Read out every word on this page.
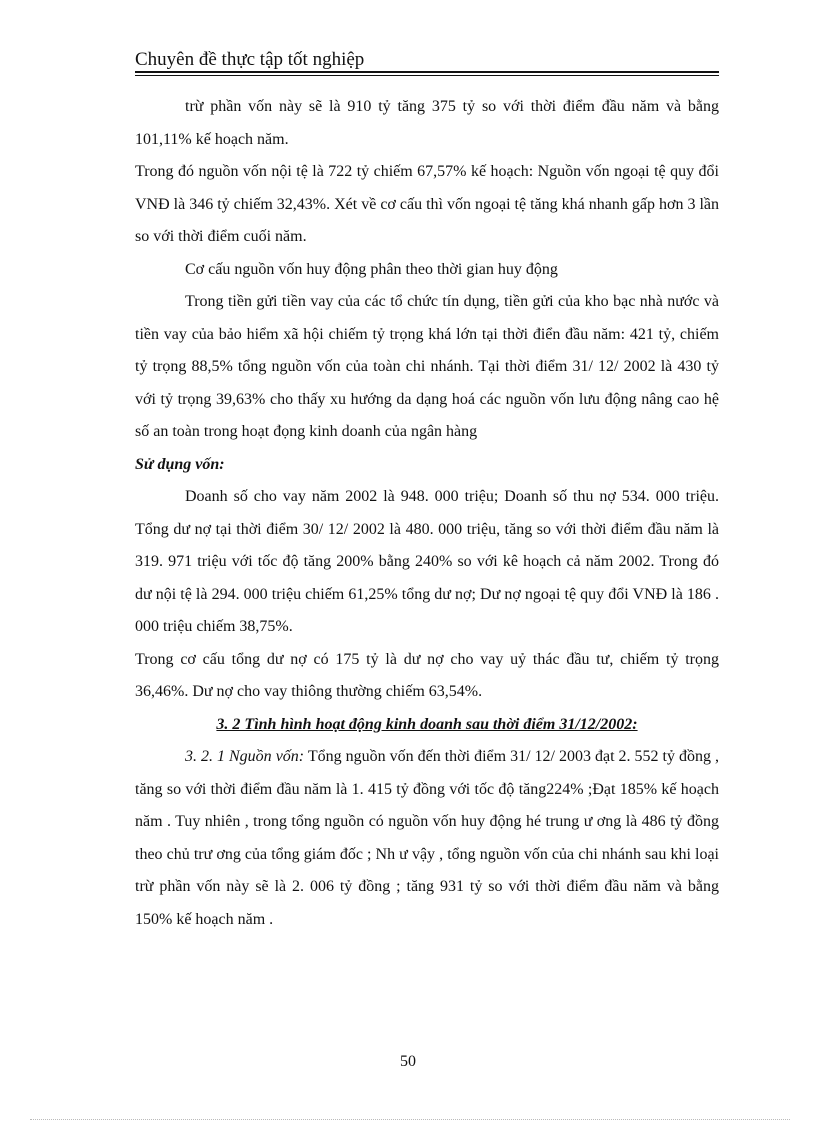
Chuyên đề thực tập tốt nghiệp

trừ phần vốn này sẽ là 910 tỷ tăng 375 tỷ so với thời điểm đầu năm và bằng 101,11% kế hoạch năm.

Trong đó nguồn vốn nội tệ là 722 tỷ chiếm 67,57% kế hoạch: Nguồn vốn ngoại tệ quy đổi VNĐ là 346 tỷ chiếm 32,43%. Xét về cơ cấu thì vốn ngoại tệ tăng khá nhanh gấp hơn 3 lần so với thời điểm cuối năm.

Cơ cấu nguồn vốn huy động phân theo thời gian huy động

Trong tiền gửi tiền vay của các tổ chức tín dụng, tiền gửi của kho bạc nhà nước và tiền vay của bảo hiểm xã hội chiếm tỷ trọng khá lớn tại thời điển đầu năm: 421 tỷ, chiếm tỷ trọng 88,5% tổng nguồn vốn của toàn chi nhánh. Tại thời điểm 31/ 12/ 2002 là 430 tỷ với tỷ trọng 39,63% cho thấy xu hướng da dạng hoá các nguồn vốn lưu động nâng cao hệ số an toàn trong hoạt đọng kinh doanh của ngân hàng

Sử dụng vốn:

Doanh số cho vay năm 2002 là 948. 000 triệu; Doanh số thu nợ 534. 000 triệu. Tổng dư nợ tại thời điểm 30/ 12/ 2002 là 480. 000 triệu, tăng so với thời điểm đầu năm là 319. 971 triệu với tốc độ tăng 200% bằng 240% so với kê hoạch cả năm 2002. Trong đó dư nội tệ là 294. 000 triệu chiếm 61,25% tổng dư nợ; Dư nợ ngoại tệ quy đổi VNĐ là 186 . 000 triệu chiếm 38,75%.

Trong cơ cấu tổng dư nợ có 175 tỷ là dư nợ cho vay uỷ thác đầu tư, chiếm tỷ trọng 36,46%. Dư nợ cho vay thiông thường chiếm 63,54%.

3. 2 Tình hình hoạt động kinh doanh sau thời điểm 31/12/2002:

3. 2. 1 Nguồn vốn: Tổng nguồn vốn đến thời điểm 31/ 12/ 2003 đạt 2. 552 tỷ đồng , tăng so với thời điểm đầu năm là 1. 415 tỷ đồng với tốc độ tăng224% ;Đạt 185% kế hoạch năm . Tuy nhiên , trong tổng nguồn có nguồn vốn huy động hé trung ư ơng là 486 tỷ đồng theo chủ trư ơng của tổng giám đốc ; Nh ư vậy , tổng nguồn vốn của chi nhánh sau khi loại trừ phần vốn này sẽ là 2. 006 tỷ đồng ; tăng 931 tỷ so với thời điểm đầu năm và bằng 150% kế hoạch năm .

50
